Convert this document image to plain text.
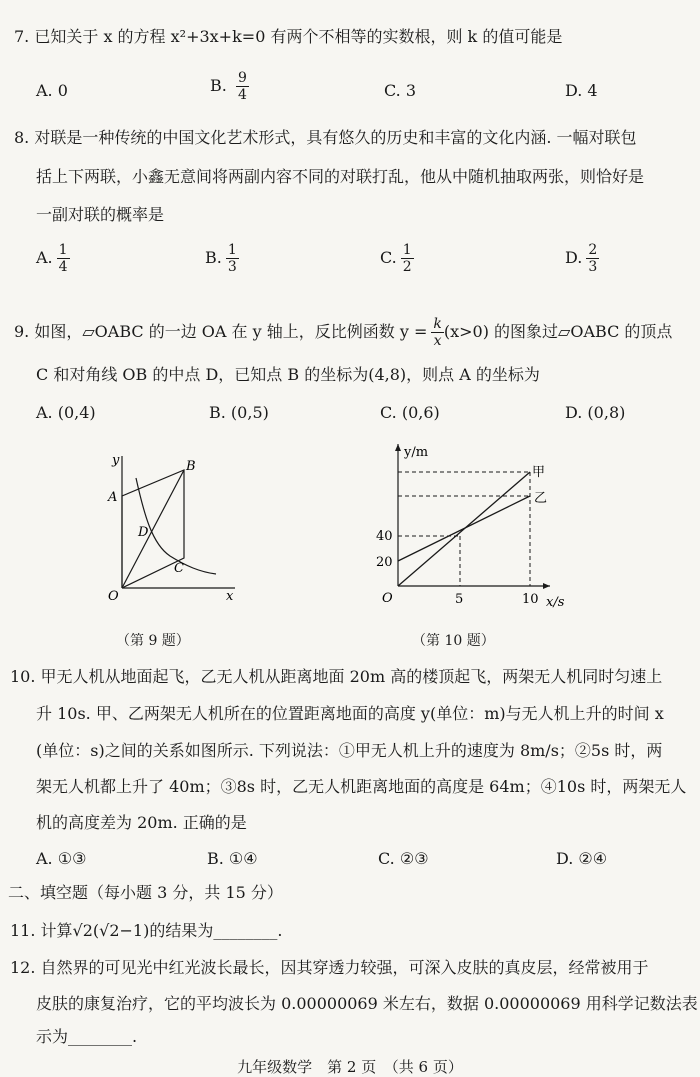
7. 已知关于 x 的方程 x²+3x+k=0 有两个不相等的实数根，则 k 的值可能是
A. 0	B. $\frac{9}{4}$	C. 3	D. 4
8. 对联是一种传统的中国文化艺术形式，具有悠久的历史和丰富的文化内涵. 一幅对联包
括上下两联，小鑫无意间将两副内容不同的对联打乱，他从中随机抽取两张，则恰好是
一副对联的概率是
A. $\frac{1}{4}$	B. $\frac{1}{3}$	C. $\frac{1}{2}$	D. $\frac{2}{3}$
9. 如图，▱OABC 的一边 OA 在 y 轴上，反比例函数 $y = \frac{k}{x} (x>0)$ 的图象过▱OABC 的顶点
C 和对角线 OB 的中点 D，已知点 B 的坐标为(4,8)，则点 A 的坐标为
A. (0,4)	B. (0,5)	C. (0,6)	D. (0,8)
y
x
O
A
B
C
D
（第 9 题）
y/m
x/s
O	5	10
20
40
甲
乙
（第 10 题）
10. 甲无人机从地面起飞，乙无人机从距离地面 20m 高的楼顶起飞，两架无人机同时匀速上
升 10s. 甲、乙两架无人机所在的位置距离地面的高度 y(单位：m)与无人机上升的时间 x
(单位：s)之间的关系如图所示. 下列说法：①甲无人机上升的速度为 8m/s；②5s 时，两
架无人机都上升了 40m；③8s 时，乙无人机距离地面的高度是 64m；④10s 时，两架无人
机的高度差为 20m. 正确的是
A. ①③	B. ①④	C. ②③	D. ②④
二、填空题（每小题 3 分，共 15 分）
11. 计算√2(√2−1)的结果为________.
12. 自然界的可见光中红光波长最长，因其穿透力较强，可深入皮肤的真皮层，经常被用于
皮肤的康复治疗，它的平均波长为 0.00000069 米左右，数据 0.00000069 用科学记数法表
示为________.
九年级数学　第 2 页　（共 6 页）
